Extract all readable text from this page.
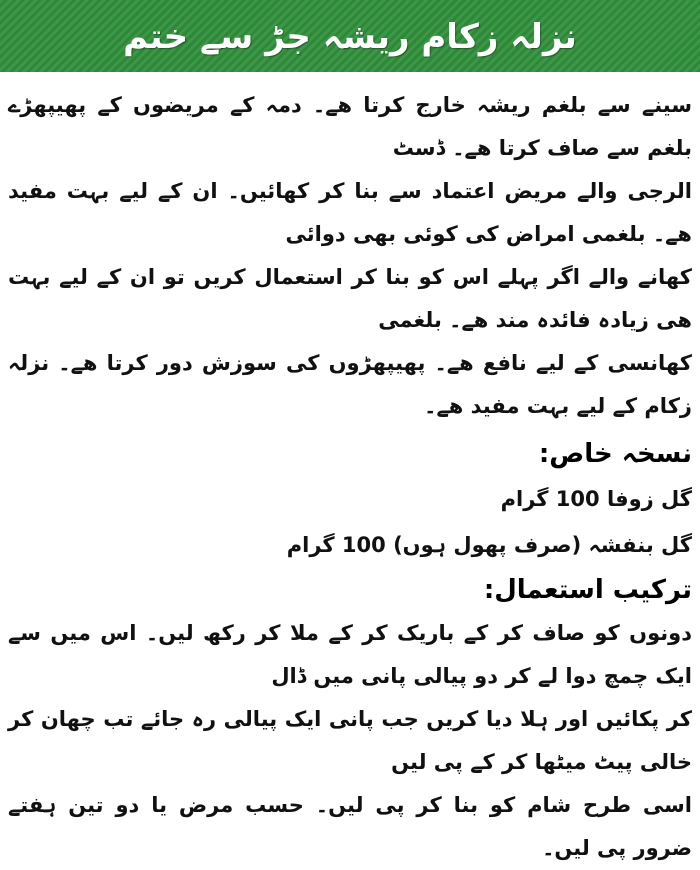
نزلہ زکام ریشہ جڑ سے ختم

سینے سے بلغم ریشہ خارج کرتا ھے۔ دمہ کے مریضوں کے پھیپھڑے بلغم سے صاف کرتا ھے۔ ڈسٹ

الرجی والے مریض اعتماد سے بنا کر کھائیں۔ ان کے لیے بہت مفید ھے۔ بلغمی امراض کی کوئی بھی دوائی

کھانے والے اگر پہلے اس کو بنا کر استعمال کریں تو ان کے لیے بہت ھی زیادہ فائدہ مند ھے۔ بلغمی

کھانسی کے لیے نافع ھے۔ پھیپھڑوں کی سوزش دور کرتا ھے۔ نزلہ زکام کے لیے بہت مفید ھے۔

نسخہ خاص:

گل زوفا 100 گرام

گل بنفشہ (صرف پھول ہوں) 100 گرام

ترکیب استعمال:

دونوں کو صاف کر کے باریک کر کے ملا کر رکھ لیں۔ اس میں سے ایک چمچ دوا لے کر دو پیالی پانی میں ڈال

کر پکائیں اور ہلا دیا کریں جب پانی ایک پیالی رہ جائے تب چھان کر خالی پیٹ میٹھا کر کے پی لیں

اسی طرح شام کو بنا کر پی لیں۔ حسب مرض یا دو تین ہفتے ضرور پی لیں۔
